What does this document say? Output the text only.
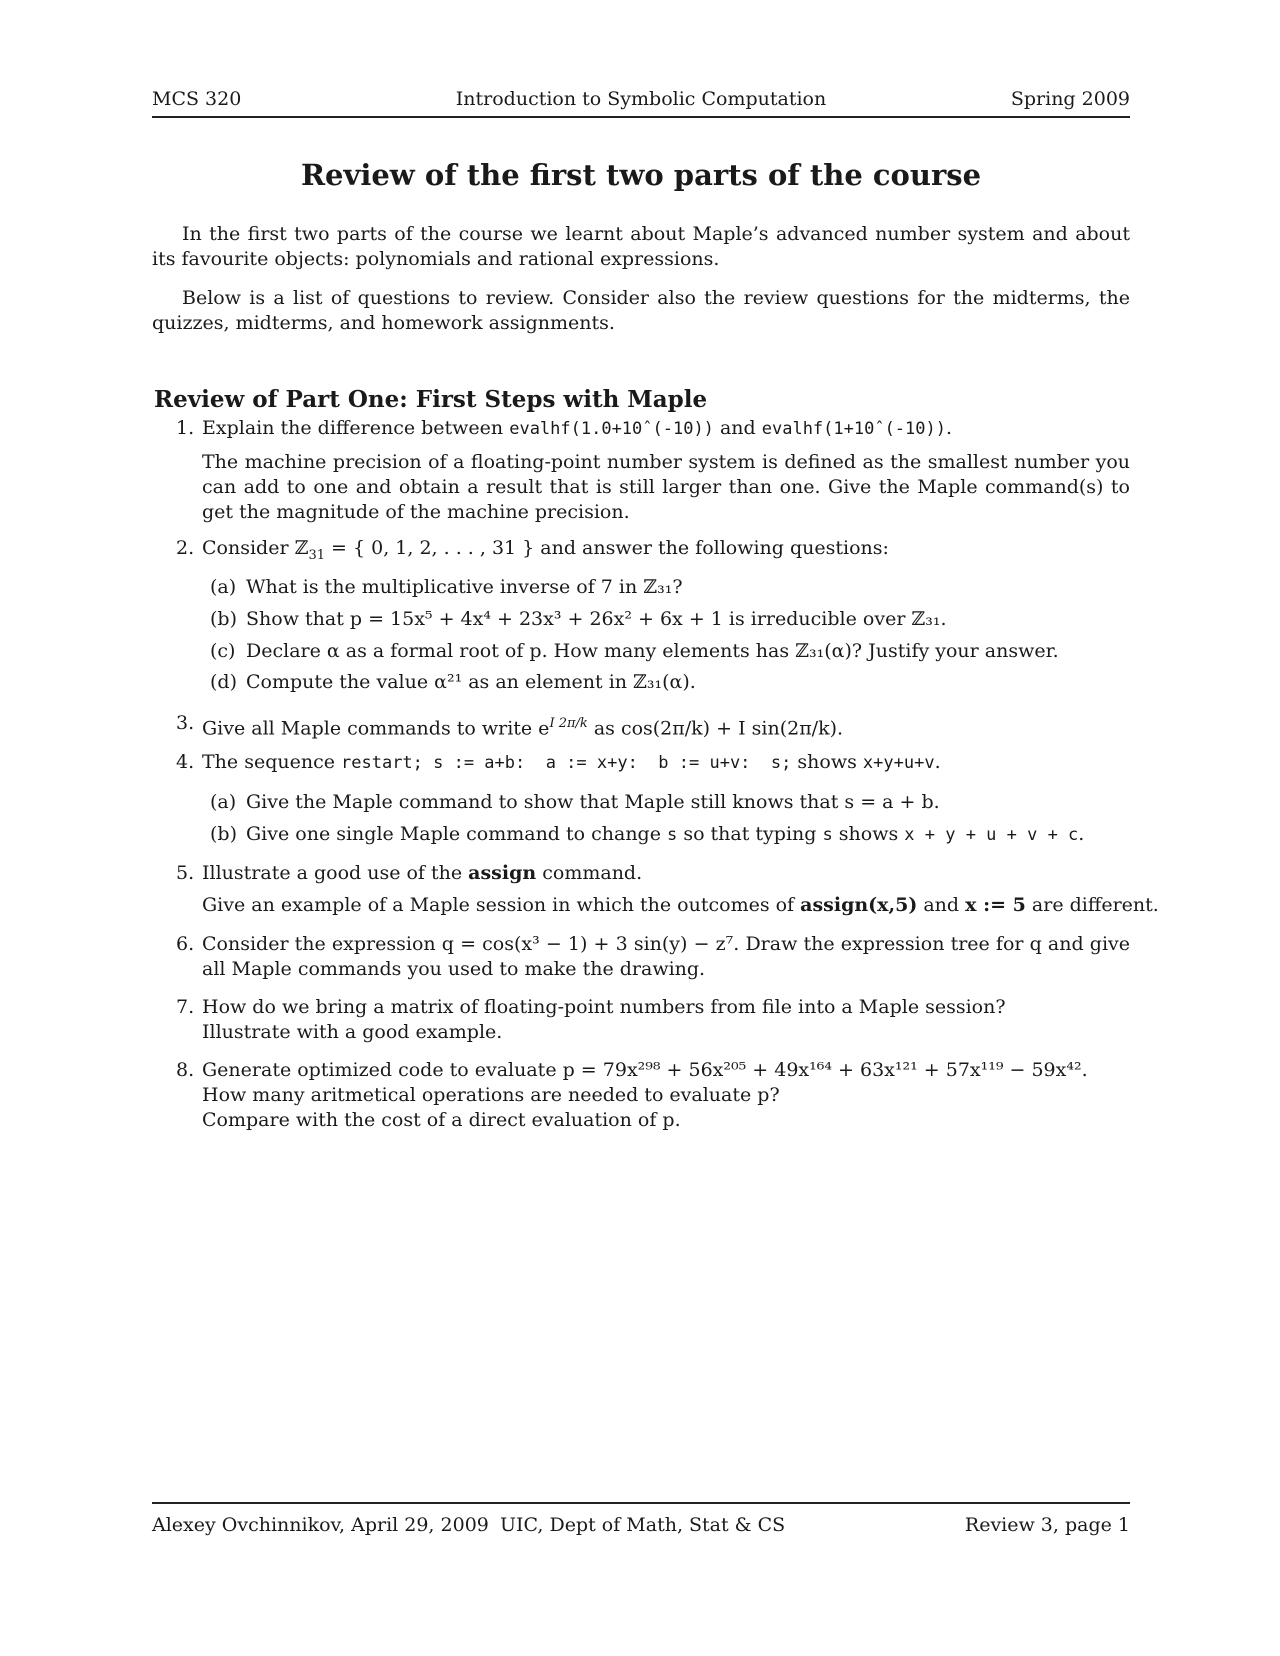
MCS 320	Introduction to Symbolic Computation	Spring 2009
Review of the first two parts of the course
In the first two parts of the course we learnt about Maple’s advanced number system and about its favourite objects: polynomials and rational expressions.
Below is a list of questions to review. Consider also the review questions for the midterms, the quizzes, midterms, and homework assignments.
Review of Part One: First Steps with Maple
1. Explain the difference between evalhf(1.0+10ˆ(-10)) and evalhf(1+10ˆ(-10)).
The machine precision of a floating-point number system is defined as the smallest number you can add to one and obtain a result that is still larger than one. Give the Maple command(s) to get the magnitude of the machine precision.
2. Consider ℤ$_{31}$ = { 0, 1, 2, . . . , 31 } and answer the following questions:
(a) What is the multiplicative inverse of 7 in ℤ₃₁?
(b) Show that p = 15x⁵ + 4x⁴ + 23x³ + 26x² + 6x + 1 is irreducible over ℤ₃₁.
(c) Declare α as a formal root of p. How many elements has ℤ₃₁(α)? Justify your answer.
(d) Compute the value α²¹ as an element in ℤ₃₁(α).
3. Give all Maple commands to write $e^{I 2\pi/k}$ as cos(2π/k) + I sin(2π/k).
4. The sequence restart; s := a+b:  a := x+y:  b := u+v:  s; shows x+y+u+v.
(a) Give the Maple command to show that Maple still knows that s = a + b.
(b) Give one single Maple command to change s so that typing s shows x + y + u + v + c.
5. Illustrate a good use of the assign command.
Give an example of a Maple session in which the outcomes of assign(x,5) and x := 5 are different.
6. Consider the expression q = cos(x³ − 1) + 3 sin(y) − z⁷. Draw the expression tree for q and give all Maple commands you used to make the drawing.
7. How do we bring a matrix of floating-point numbers from file into a Maple session?
Illustrate with a good example.
8. Generate optimized code to evaluate p = 79x²⁹⁸ + 56x²⁰⁵ + 49x¹⁶⁴ + 63x¹²¹ + 57x¹¹⁹ − 59x⁴².
How many aritmetical operations are needed to evaluate p?
Compare with the cost of a direct evaluation of p.
Alexey Ovchinnikov, April 29, 2009 UIC, Dept of Math, Stat & CS	Review 3, page 1
